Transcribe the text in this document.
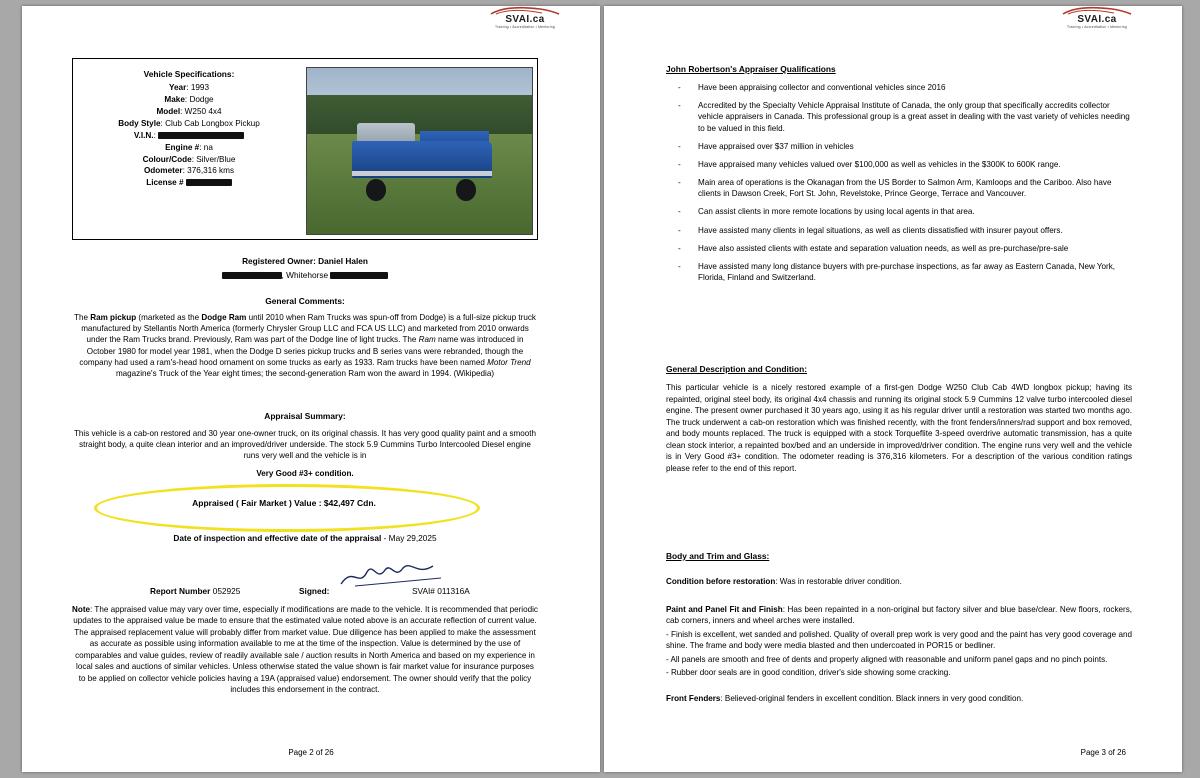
Vehicle Specifications:
Year: 1993
Make: Dodge
Model: W250 4x4
Body Style: Club Cab Longbox Pickup
V.I.N.:
Engine #: na
Colour/Code: Silver/Blue
Odometer: 376,316 kms
License #
Registered Owner: Daniel Halen
, Whitehorse
General Comments:
The Ram pickup (marketed as the Dodge Ram until 2010 when Ram Trucks was spun-off from Dodge) is a full-size pickup truck manufactured by Stellantis North America (formerly Chrysler Group LLC and FCA US LLC) and marketed from 2010 onwards under the Ram Trucks brand. Previously, Ram was part of the Dodge line of light trucks. The Ram name was introduced in October 1980 for model year 1981, when the Dodge D series pickup trucks and B series vans were rebranded, though the company had used a ram's-head hood ornament on some trucks as early as 1933. Ram trucks have been named Motor Trend magazine's Truck of the Year eight times; the second-generation Ram won the award in 1994. (Wikipedia)
Appraisal Summary:
This vehicle is a cab-on restored and 30 year one-owner truck, on its original chassis. It has very good quality paint and a smooth straight body, a quite clean interior and an improved/driver underside. The stock 5.9 Cummins Turbo Intercooled Diesel engine runs very well and the vehicle is in
Very Good #3+ condition.
Appraised ( Fair Market ) Value : $42,497 Cdn.
Date of inspection and effective date of the appraisal - May 29,2025
Report Number 052925	Signed:	SVAI# 011316A
Note: The appraised value may vary over time, especially if modifications are made to the vehicle. It is recommended that periodic updates to the appraised value be made to ensure that the estimated value noted above is an accurate reflection of current value. The appraised replacement value will probably differ from market value. Due diligence has been applied to make the assessment as accurate as possible using information available to me at the time of the inspection. Value is determined by the use of comparables and value guides, review of readily available sale / auction results in North America and based on my experience in local sales and auctions of similar vehicles. Unless otherwise stated the value shown is fair market value for insurance purposes to be applied on collector vehicle policies having a 19A (appraised value) endorsement. The owner should verify that the policy includes this endorsement in the contract.
Page 2 of 26
John Robertson's Appraiser Qualifications
- Have been appraising collector and conventional vehicles since 2016
- Accredited by the Specialty Vehicle Appraisal Institute of Canada, the only group that specifically accredits collector vehicle appraisers in Canada. This professional group is a great asset in dealing with the vast variety of vehicles needing to be valued in this field.
- Have appraised over $37 million in vehicles
- Have appraised many vehicles valued over $100,000 as well as vehicles in the $300K to 600K range.
- Main area of operations is the Okanagan from the US Border to Salmon Arm, Kamloops and the Cariboo. Also have clients in Dawson Creek, Fort St. John, Revelstoke, Prince George, Terrace and Vancouver.
- Can assist clients in more remote locations by using local agents in that area.
- Have assisted many clients in legal situations, as well as clients dissatisfied with insurer payout offers.
- Have also assisted clients with estate and separation valuation needs, as well as pre-purchase/pre-sale
- Have assisted many long distance buyers with pre-purchase inspections, as far away as Eastern Canada, New York, Florida, Finland and Switzerland.
General Description and Condition:
This particular vehicle is a nicely restored example of a first-gen Dodge W250 Club Cab 4WD longbox pickup; having its repainted, original steel body, its original 4x4 chassis and running its original stock 5.9 Cummins 12 valve turbo intercooled diesel engine. The present owner purchased it 30 years ago, using it as his regular driver until a restoration was started two months ago. The truck underwent a cab-on restoration which was finished recently, with the front fenders/inners/rad support and box removed, and body mounts replaced. The truck is equipped with a stock Torqueflite 3-speed overdrive automatic transmission, has a quite clean stock interior, a repainted box/bed and an underside in improved/driver condition. The engine runs very well and the vehicle is in Very Good #3+ condition. The odometer reading is 376,316 kilometers. For a description of the various condition ratings please refer to the end of this report.
Body and Trim and Glass:
Condition before restoration: Was in restorable driver condition.
Paint and Panel Fit and Finish: Has been repainted in a non-original but factory silver and blue base/clear. New floors, rockers, cab corners, inners and wheel arches were installed.
- Finish is excellent, wet sanded and polished. Quality of overall prep work is very good and the paint has very good coverage and shine. The frame and body were media blasted and then undercoated in POR15 or bedliner.
- All panels are smooth and free of dents and properly aligned with reasonable and uniform panel gaps and no pinch points.
- Rubber door seals are in good condition, driver's side showing some cracking.
Front Fenders: Believed-original fenders in excellent condition. Black inners in very good condition.
Page 3 of 26
SVAI.ca
Training • Accreditation • Mentoring
SVAI.ca
Training • Accreditation • Mentoring
